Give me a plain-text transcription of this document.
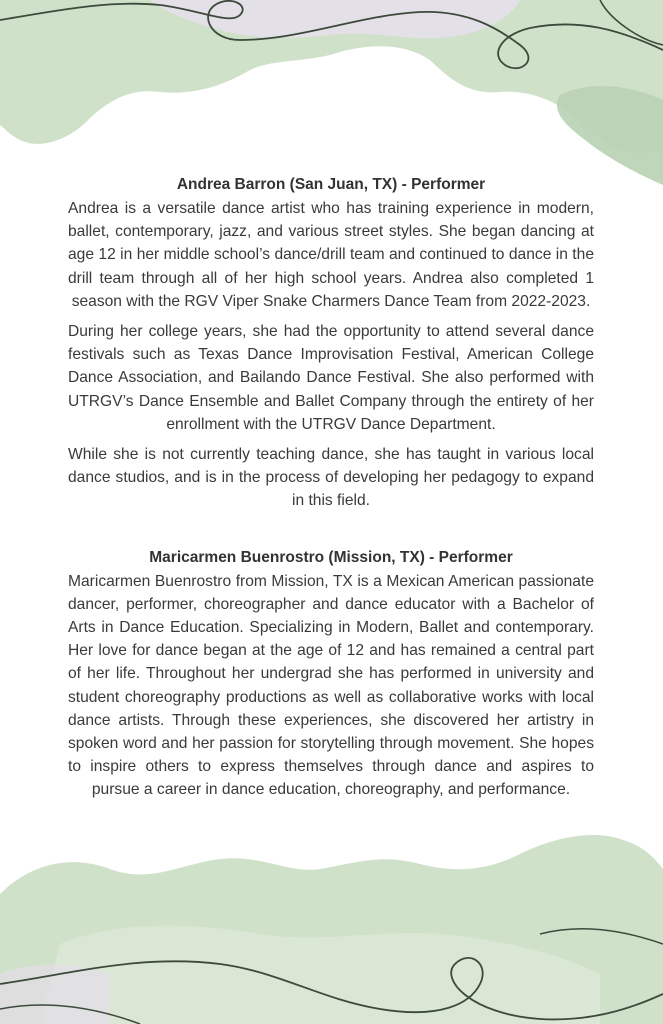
Andrea Barron (San Juan, TX) - Performer

Andrea is a versatile dance artist who has training experience in modern, ballet, contemporary, jazz, and various street styles. She began dancing at age 12 in her middle school’s dance/drill team and continued to dance in the drill team through all of her high school years. Andrea also completed 1 season with the RGV Viper Snake Charmers Dance Team from 2022-2023.

During her college years, she had the opportunity to attend several dance festivals such as Texas Dance Improvisation Festival, American College Dance Association, and Bailando Dance Festival. She also performed with UTRGV’s Dance Ensemble and Ballet Company through the entirety of her enrollment with the UTRGV Dance Department.

While she is not currently teaching dance, she has taught in various local dance studios, and is in the process of developing her pedagogy to expand in this field.

Maricarmen Buenrostro (Mission, TX) - Performer

Maricarmen Buenrostro from Mission, TX is a Mexican American passionate dancer, performer, choreographer and dance educator with a Bachelor of Arts in Dance Education. Specializing in Modern, Ballet and contemporary. Her love for dance began at the age of 12 and has remained a central part of her life. Throughout her undergrad she has performed in university and student choreography productions as well as collaborative works with local dance artists. Through these experiences, she discovered her artistry in spoken word and her passion for storytelling through movement. She hopes to inspire others to express themselves through dance and aspires to pursue a career in dance education, choreography, and performance.
